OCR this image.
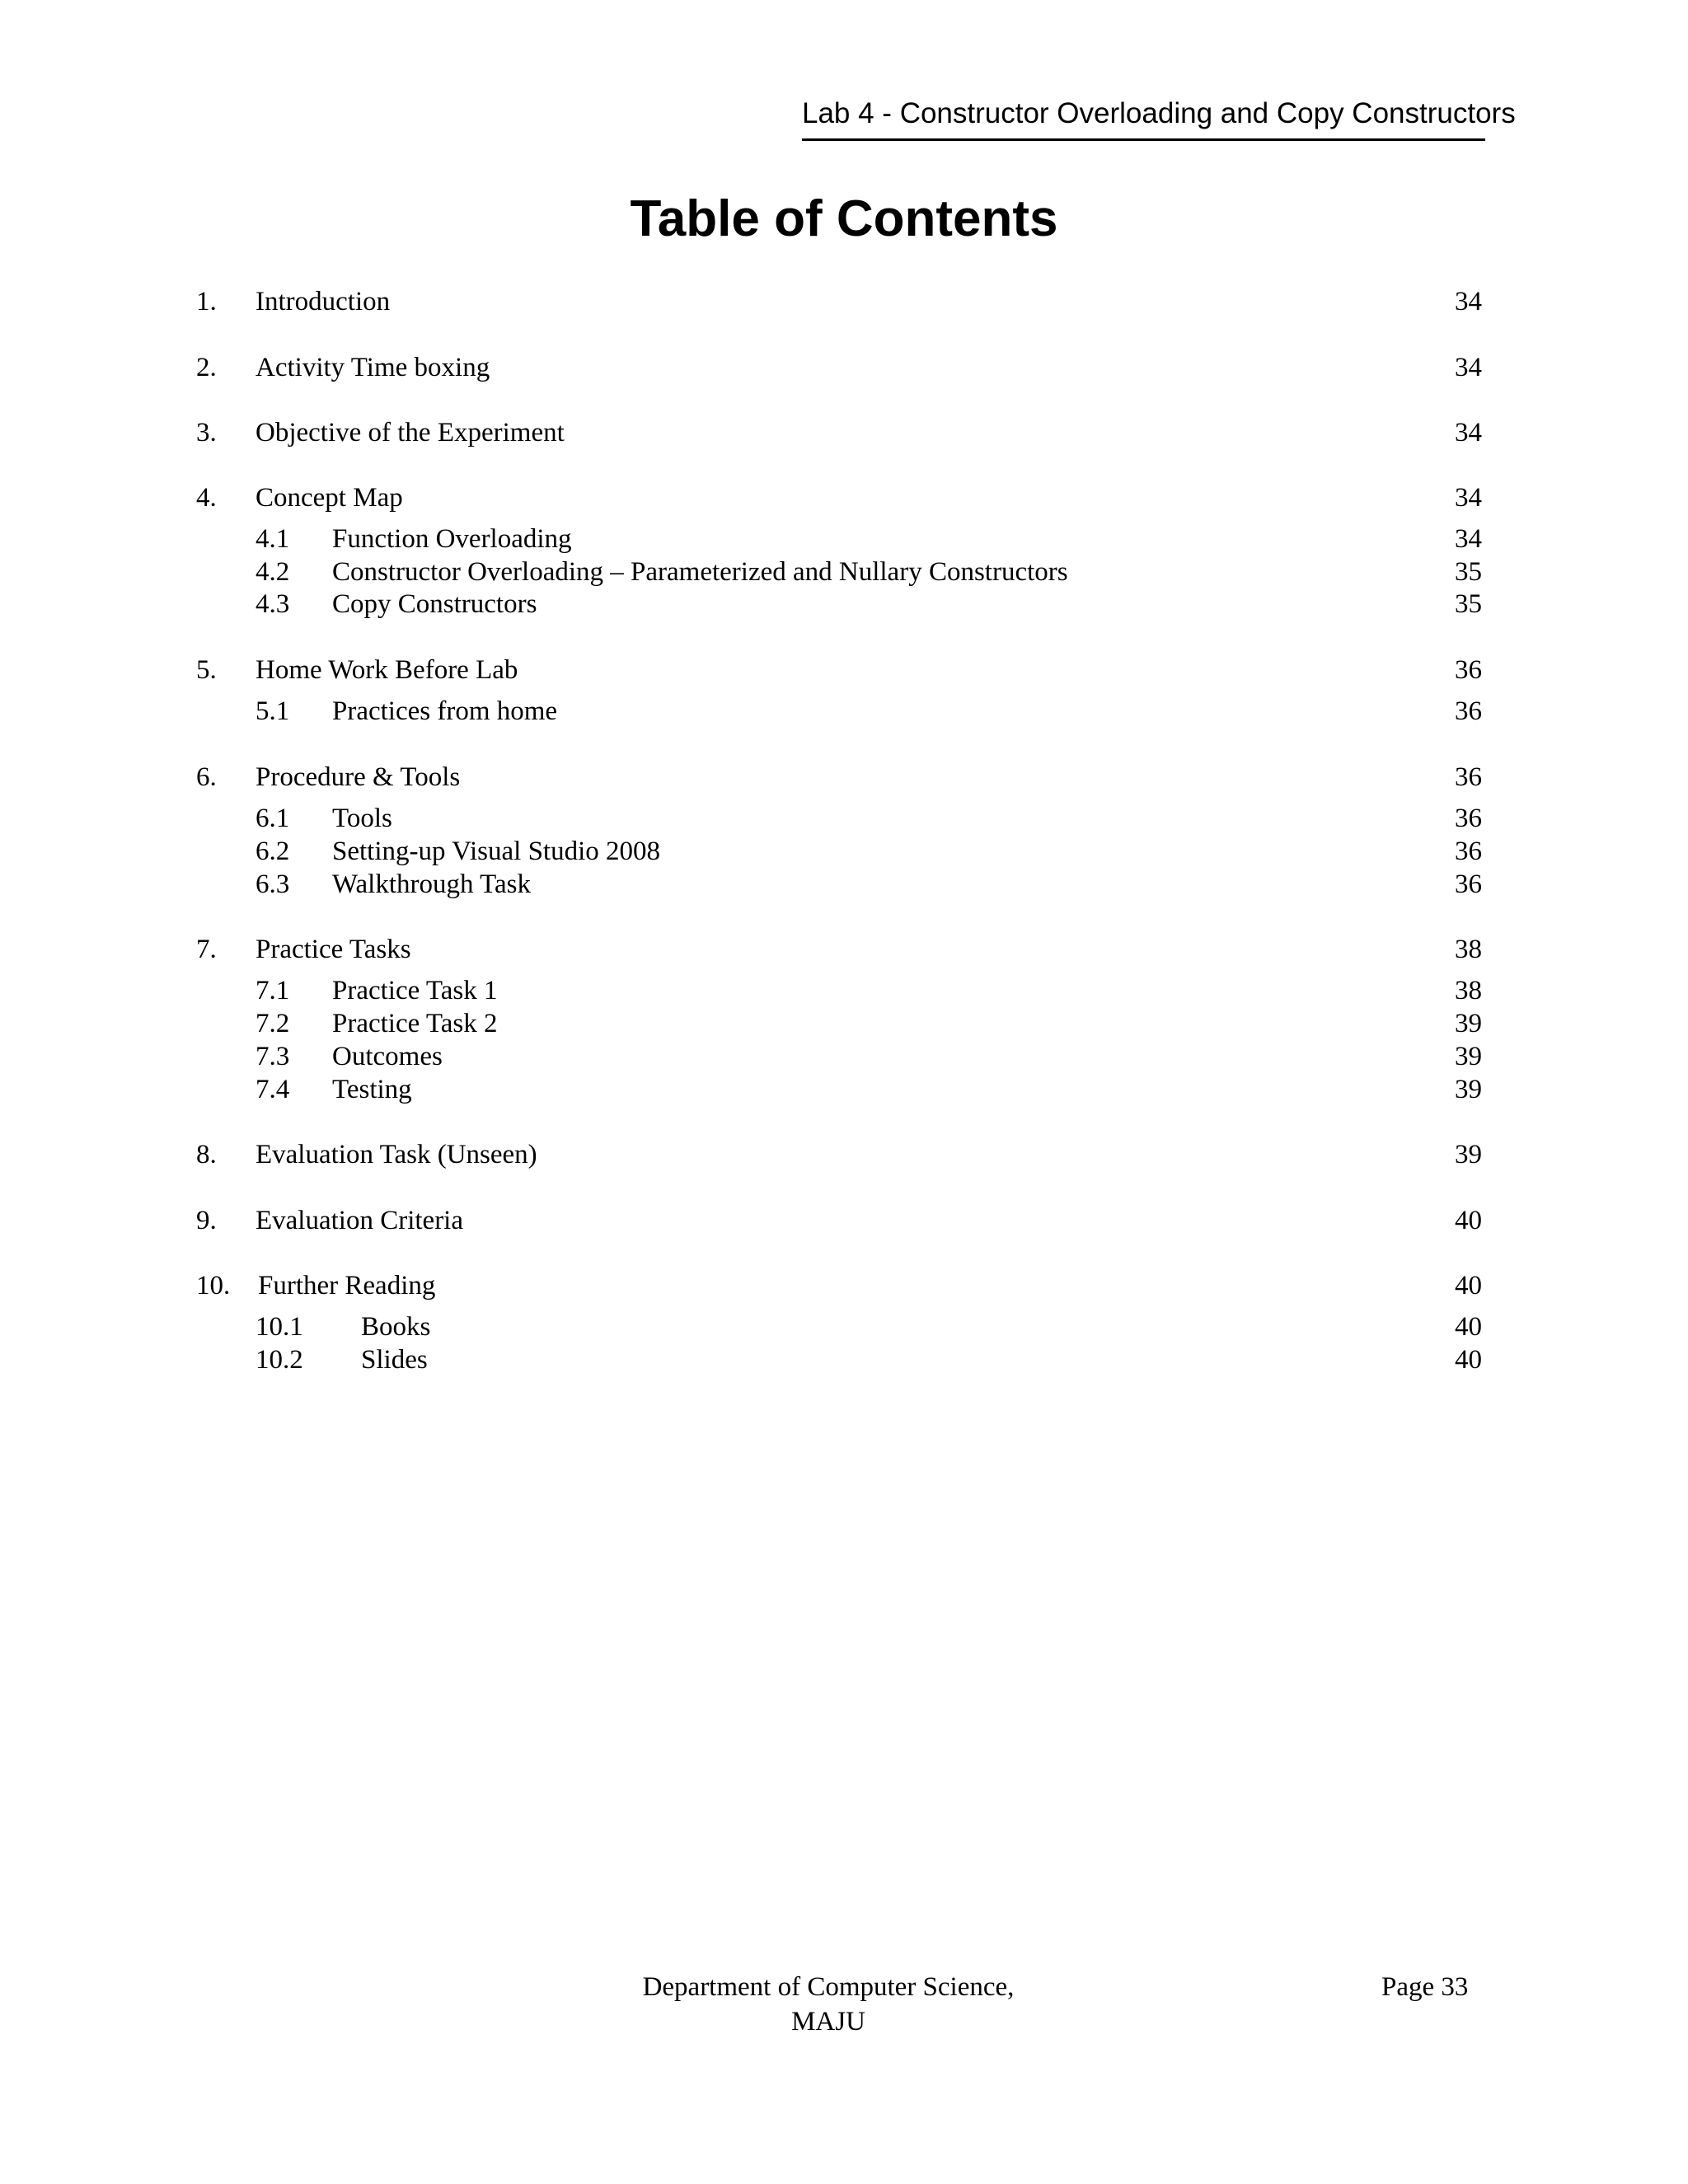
Lab 4 - Constructor Overloading and Copy Constructors
Table of Contents
1. Introduction	34
2. Activity Time boxing	34
3. Objective of the Experiment	34
4. Concept Map	34
4.1 Function Overloading	34
4.2 Constructor Overloading – Parameterized and Nullary Constructors	35
4.3 Copy Constructors	35
5. Home Work Before Lab	36
5.1 Practices from home	36
6. Procedure & Tools	36
6.1 Tools	36
6.2 Setting-up Visual Studio 2008	36
6.3 Walkthrough Task	36
7. Practice Tasks	38
7.1 Practice Task 1	38
7.2 Practice Task 2	39
7.3 Outcomes	39
7.4 Testing	39
8. Evaluation Task (Unseen)	39
9. Evaluation Criteria	40
10. Further Reading	40
10.1 Books	40
10.2 Slides	40
Department of Computer Science,
MAJU
Page 33
